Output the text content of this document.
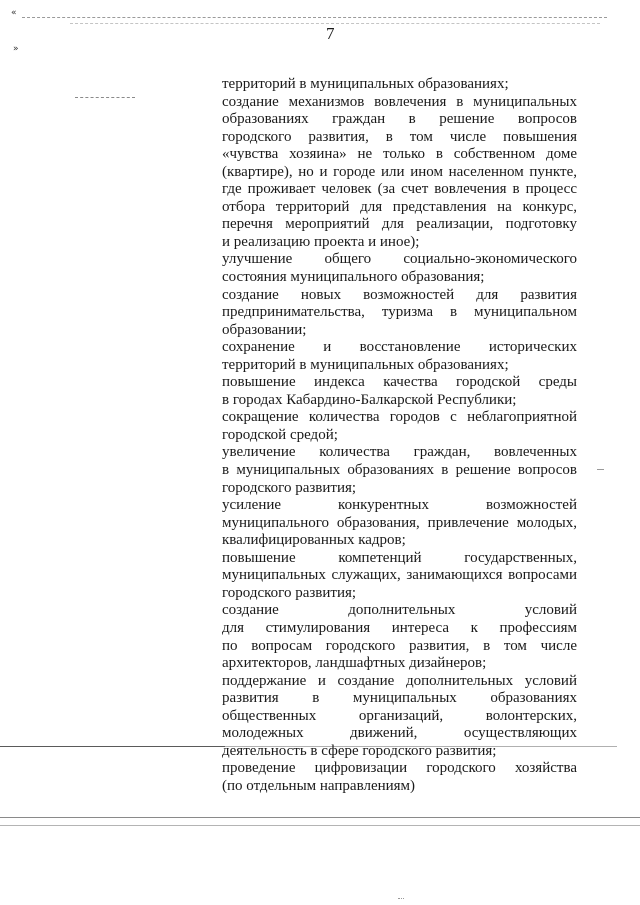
«
»
7
территорий в муниципальных образованиях;
создание механизмов вовлечения в муниципальных
образованиях граждан в решение вопросов
городского развития, в том числе повышения
«чувства хозяина» не только в собственном доме
(квартире), но и городе или ином населенном пункте,
где проживает человек (за счет вовлечения в процесс
отбора территорий для представления на конкурс,
перечня мероприятий для реализации, подготовку
и реализацию проекта и иное);
улучшение общего социально-экономического
состояния муниципального образования;
создание новых возможностей для развития
предпринимательства, туризма в муниципальном
образовании;
сохранение и восстановление исторических
территорий в муниципальных образованиях;
повышение индекса качества городской среды
в городах Кабардино-Балкарской Республики;
сокращение количества городов с неблагоприятной
городской средой;
увеличение количества граждан, вовлеченных
в муниципальных образованиях в решение вопросов
городского развития;
усиление конкурентных возможностей
муниципального образования, привлечение молодых,
квалифицированных кадров;
повышение компетенций государственных,
муниципальных служащих, занимающихся вопросами
городского развития;
создание дополнительных условий
для стимулирования интереса к профессиям
по вопросам городского развития, в том числе
архитекторов, ландшафтных дизайнеров;
поддержание и создание дополнительных условий
развития в муниципальных образованиях
общественных организаций, волонтерских,
молодежных движений, осуществляющих
деятельность в сфере городского развития;
проведение цифровизации городского хозяйства
(по отдельным направлениям)
